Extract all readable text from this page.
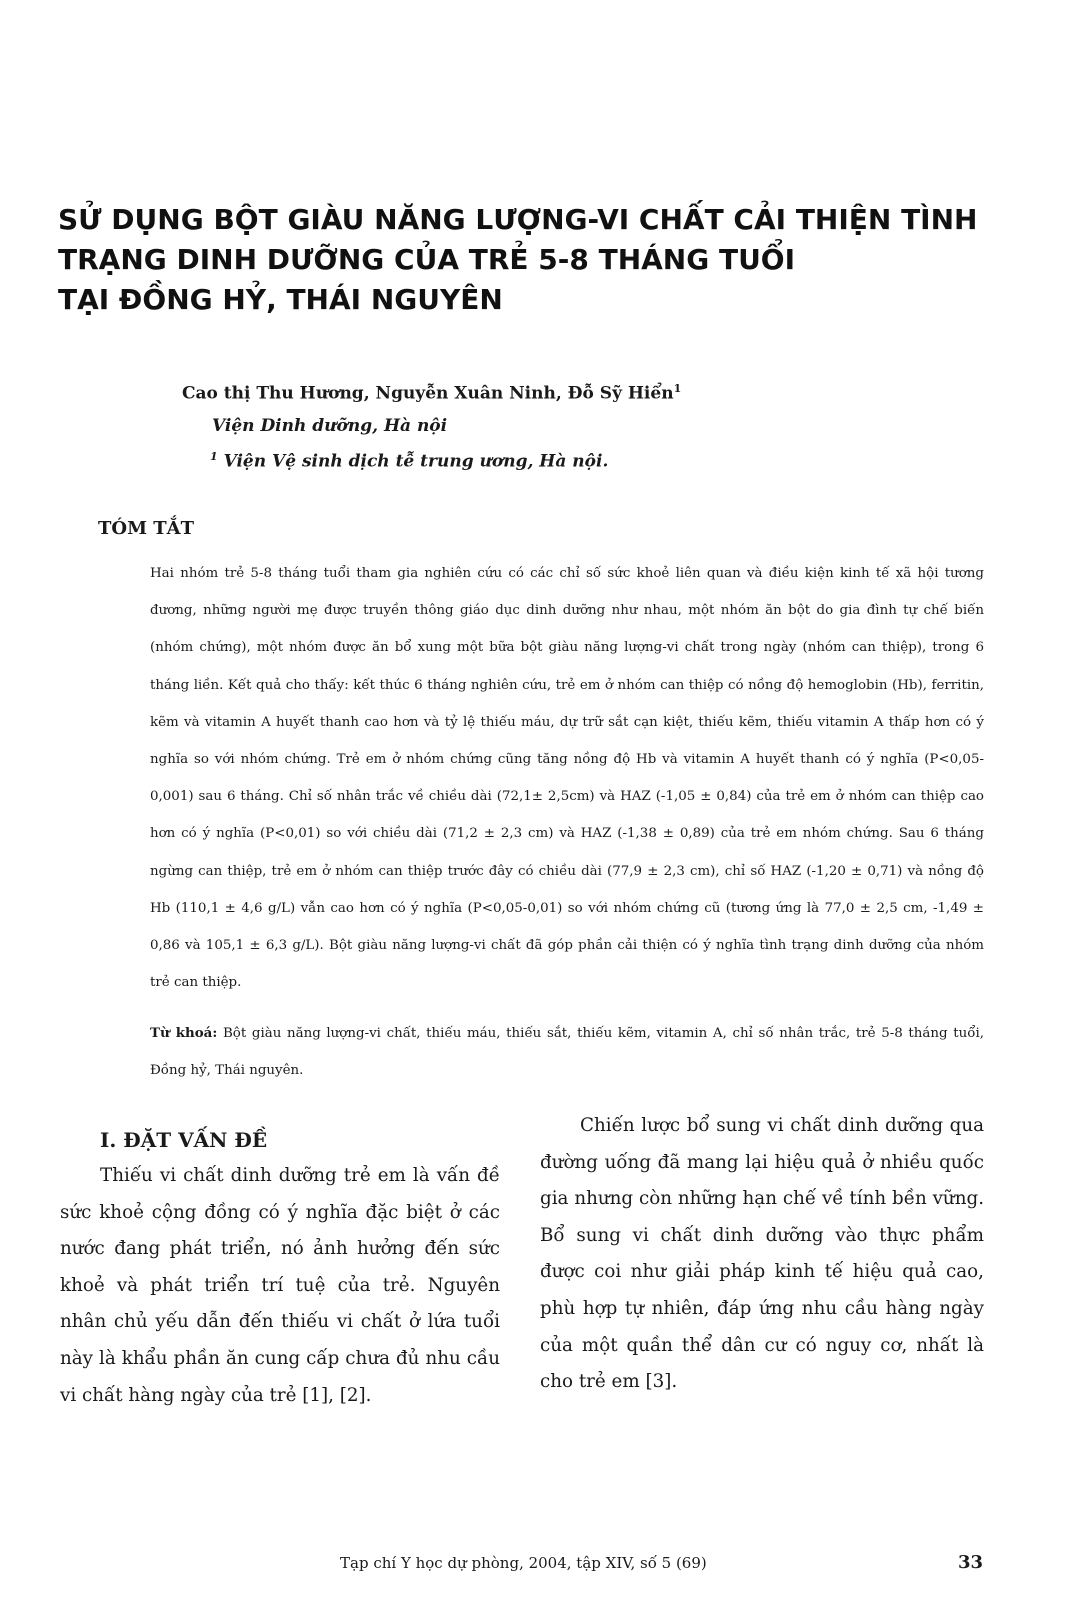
SỬ DỤNG BỘT GIÀU NĂNG LƯỢNG-VI CHẤT CẢI THIỆN TÌNH
TRẠNG DINH DƯỠNG CỦA TRẺ 5-8 THÁNG TUỔI
TẠI ĐỒNG HỶ, THÁI NGUYÊN
Cao thị Thu Hương, Nguyễn Xuân Ninh, Đỗ Sỹ Hiển$^1$
Viện Dinh dưỡng, Hà nội
$^1$ Viện Vệ sinh dịch tễ trung ương, Hà nội.
TÓM TẮT

Hai nhóm trẻ 5-8 tháng tuổi tham gia nghiên cứu có các chỉ số sức khoẻ liên quan và điều kiện kinh tế xã hội tương đương, những người mẹ được truyền thông giáo dục dinh dưỡng như nhau, một nhóm ăn bột do gia đình tự chế biến (nhóm chứng), một nhóm được ăn bổ xung một bữa bột giàu năng lượng-vi chất trong ngày (nhóm can thiệp), trong 6 tháng liền. Kết quả cho thấy: kết thúc 6 tháng nghiên cứu, trẻ em ở nhóm can thiệp có nồng độ hemoglobin (Hb), ferritin, kẽm và vitamin A huyết thanh cao hơn và tỷ lệ thiếu máu, dự trữ sắt cạn kiệt, thiếu kẽm, thiếu vitamin A thấp hơn có ý nghĩa so với nhóm chứng. Trẻ em ở nhóm chứng cũng tăng nồng độ Hb và vitamin A huyết thanh có ý nghĩa (P<0,05-0,001) sau 6 tháng. Chỉ số nhân trắc về chiều dài (72,1± 2,5cm) và HAZ (-1,05 ± 0,84) của trẻ em ở nhóm can thiệp cao hơn có ý nghĩa (P<0,01) so với chiều dài (71,2 ± 2,3 cm) và HAZ (-1,38 ± 0,89) của trẻ em nhóm chứng. Sau 6 tháng ngừng can thiệp, trẻ em ở nhóm can thiệp trước đây có chiều dài (77,9 ± 2,3 cm), chỉ số HAZ (-1,20 ± 0,71) và nồng độ Hb (110,1 ± 4,6 g/L) vẫn cao hơn có ý nghĩa (P<0,05-0,01) so với nhóm chứng cũ (tương ứng là 77,0 ± 2,5 cm, -1,49 ± 0,86 và 105,1 ± 6,3 g/L). Bột giàu năng lượng-vi chất đã góp phần cải thiện có ý nghĩa tình trạng dinh dưỡng của nhóm trẻ can thiệp.

Từ khoá: Bột giàu năng lượng-vi chất, thiếu máu, thiếu sắt, thiếu kẽm, vitamin A, chỉ số nhân trắc, trẻ 5-8 tháng tuổi, Đồng hỷ, Thái nguyên.

I. ĐẶT VẤN ĐỀ

Thiếu vi chất dinh dưỡng trẻ em là vấn đề sức khoẻ cộng đồng có ý nghĩa đặc biệt ở các nước đang phát triển, nó ảnh hưởng đến sức khoẻ và phát triển trí tuệ của trẻ. Nguyên nhân chủ yếu dẫn đến thiếu vi chất ở lứa tuổi này là khẩu phần ăn cung cấp chưa đủ nhu cầu vi chất hàng ngày của trẻ [1], [2].

Chiến lược bổ sung vi chất dinh dưỡng qua đường uống đã mang lại hiệu quả ở nhiều quốc gia nhưng còn những hạn chế về tính bền vững. Bổ sung vi chất dinh dưỡng vào thực phẩm được coi như giải pháp kinh tế hiệu quả cao, phù hợp tự nhiên, đáp ứng nhu cầu hàng ngày của một quần thể dân cư có nguy cơ, nhất là cho trẻ em [3].

Tạp chí Y học dự phòng, 2004, tập XIV, số 5 (69)	33
